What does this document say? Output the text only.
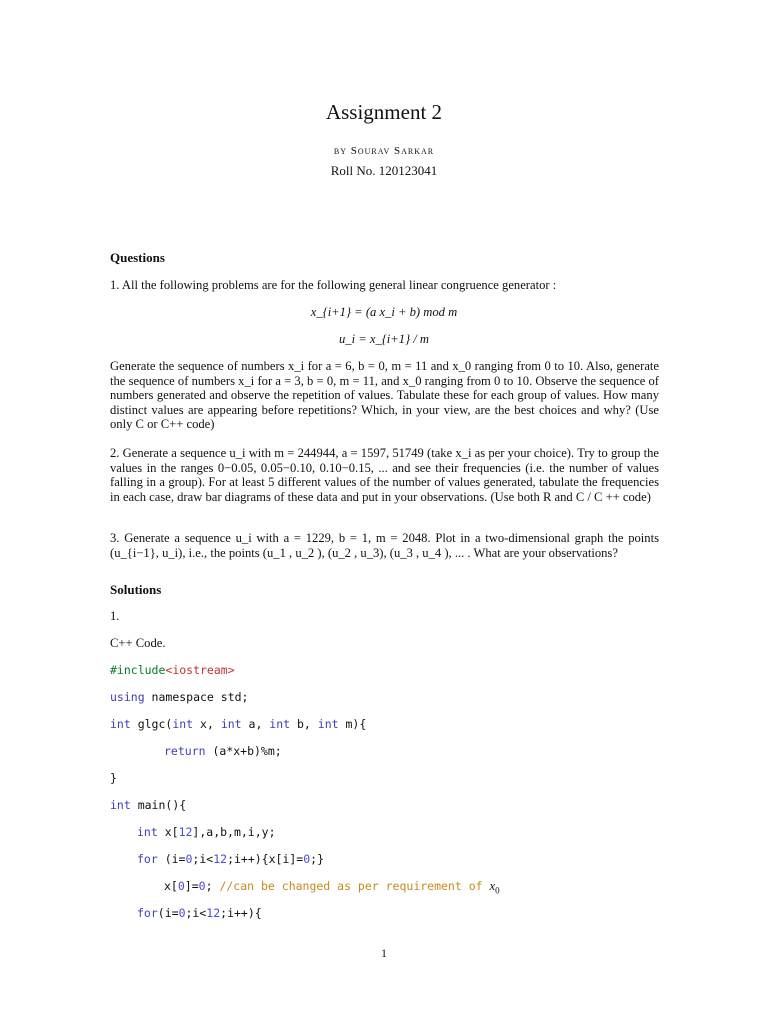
Assignment 2
by Sourav Sarkar
Roll No. 120123041
Questions
1. All the following problems are for the following general linear congruence generator :
x_{i+1} = (a x_i + b) mod m
u_i = x_{i+1} / m
Generate the sequence of numbers x_i for a = 6, b = 0, m = 11 and x_0 ranging from 0 to 10. Also, generate the sequence of numbers x_i for a = 3, b = 0, m = 11, and x_0 ranging from 0 to 10. Observe the sequence of numbers generated and observe the repetition of values. Tabulate these for each group of values. How many distinct values are appearing before repetitions? Which, in your view, are the best choices and why? (Use only C or C++ code)
2. Generate a sequence u_i with m = 244944, a = 1597, 51749 (take x_i as per your choice). Try to group the values in the ranges 0−0.05, 0.05−0.10, 0.10−0.15, ... and see their frequencies (i.e. the number of values falling in a group). For at least 5 different values of the number of values generated, tabulate the frequencies in each case, draw bar diagrams of these data and put in your observations. (Use both R and C / C ++ code)
3. Generate a sequence u_i with a = 1229, b = 1, m = 2048. Plot in a two-dimensional graph the points (u_{i−1}, u_i), i.e., the points (u_1 , u_2 ), (u_2 , u_3), (u_3 , u_4 ), ... . What are your observations?
Solutions
1.
C++ Code.
#include<iostream>
using namespace std;
int glgc(int x, int a, int b, int m){
return (a*x+b)%m;
}
int main(){
int x[12],a,b,m,i,y;
for (i=0;i<12;i++){x[i]=0;}
x[0]=0; //can be changed as per requirement of $x_0$
for(i=0;i<12;i++){
1
